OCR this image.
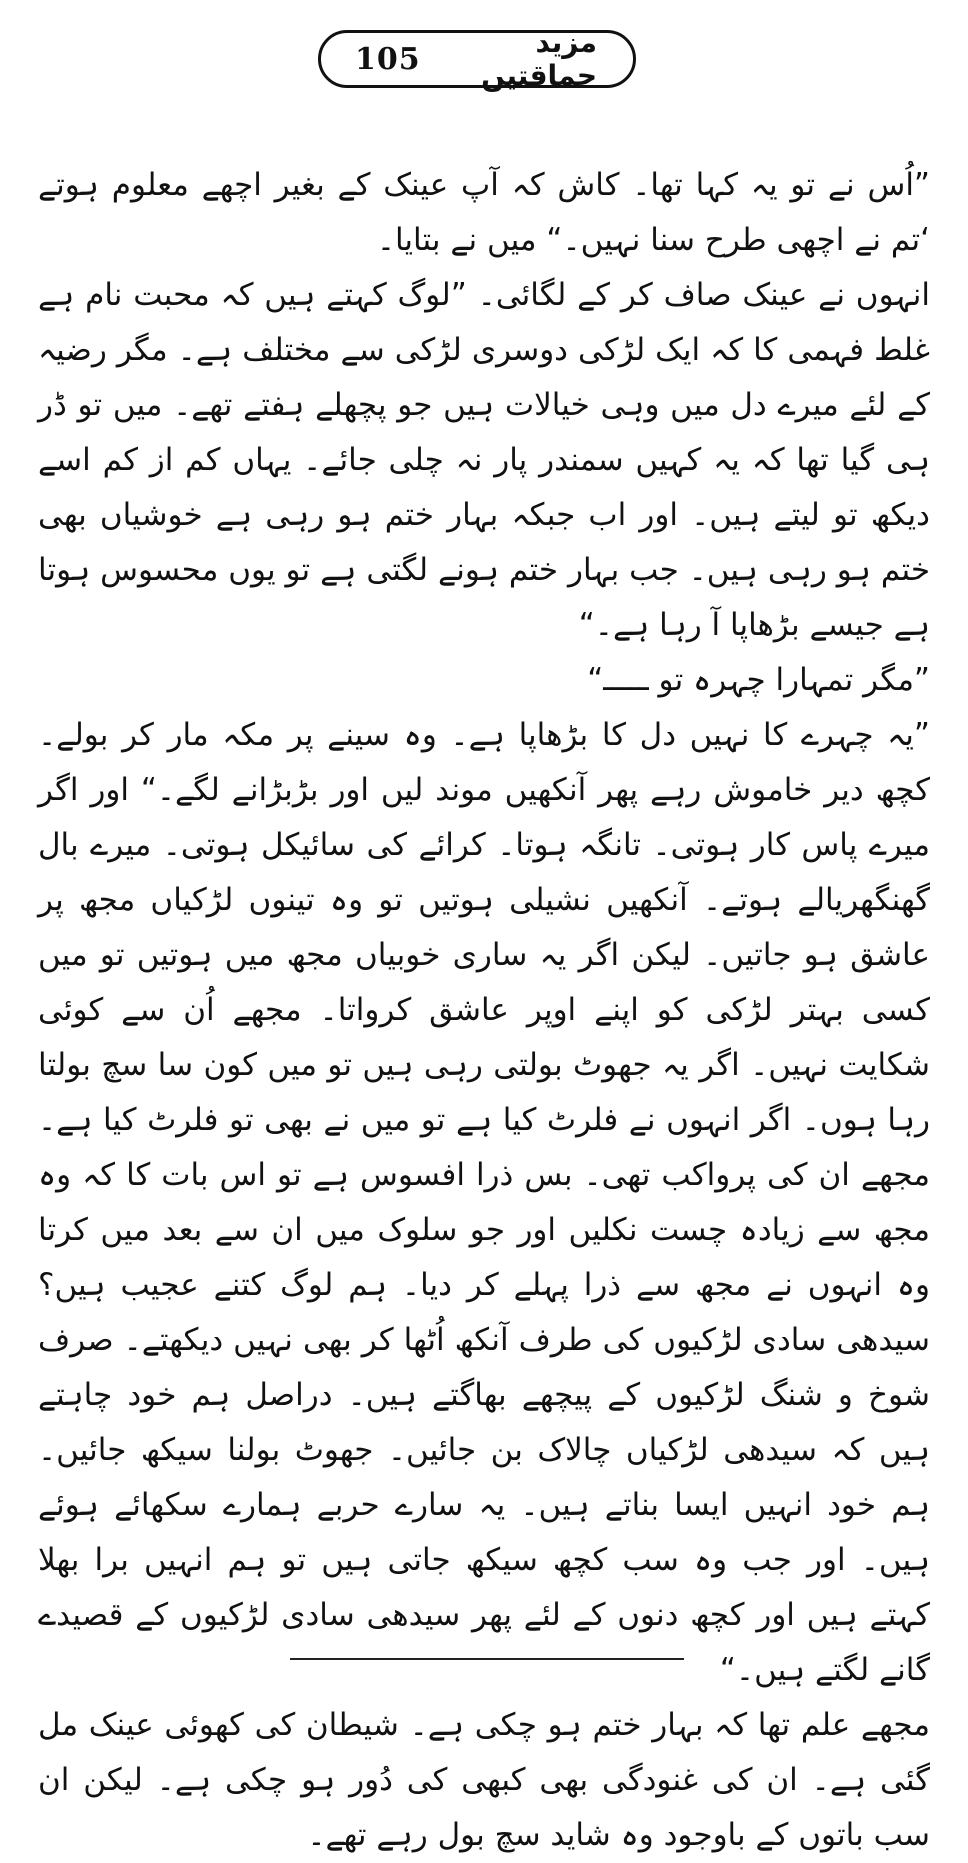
105	مزید حماقتیں

”اُس نے تو یہ کہا تھا۔ کاش کہ آپ عینک کے بغیر اچھے معلوم ہوتے ‘تم نے اچھی طرح سنا نہیں۔“ میں نے بتایا۔

انہوں نے عینک صاف کر کے لگائی۔ ”لوگ کہتے ہیں کہ محبت نام ہے غلط فہمی کا کہ ایک لڑکی دوسری لڑکی سے مختلف ہے۔ مگر رضیہ کے لئے میرے دل میں وہی خیالات ہیں جو پچھلے ہفتے تھے۔ میں تو ڈر ہی گیا تھا کہ یہ کہیں سمندر پار نہ چلی جائے۔ یہاں کم از کم اسے دیکھ تو لیتے ہیں۔ اور اب جبکہ بہار ختم ہو رہی ہے خوشیاں بھی ختم ہو رہی ہیں۔ جب بہار ختم ہونے لگتی ہے تو یوں محسوس ہوتا ہے جیسے بڑھاپا آ رہا ہے۔“

”مگر تمہارا چہرہ تو ـــــ“

”یہ چہرے کا نہیں دل کا بڑھاپا ہے۔ وہ سینے پر مکہ مار کر بولے۔ کچھ دیر خاموش رہے پھر آنکھیں موند لیں اور بڑبڑانے لگے۔“ اور اگر میرے پاس کار ہوتی۔ تانگہ ہوتا۔ کرائے کی سائیکل ہوتی۔ میرے بال گھنگھریالے ہوتے۔ آنکھیں نشیلی ہوتیں تو وہ تینوں لڑکیاں مجھ پر عاشق ہو جاتیں۔ لیکن اگر یہ ساری خوبیاں مجھ میں ہوتیں تو میں کسی بہتر لڑکی کو اپنے اوپر عاشق کرواتا۔ مجھے اُن سے کوئی شکایت نہیں۔ اگر یہ جھوٹ بولتی رہی ہیں تو میں کون سا سچ بولتا رہا ہوں۔ اگر انہوں نے فلرٹ کیا ہے تو میں نے بھی تو فلرٹ کیا ہے۔ مجھے ان کی پرواکب تھی۔ بس ذرا افسوس ہے تو اس بات کا کہ وہ مجھ سے زیادہ چست نکلیں اور جو سلوک میں ان سے بعد میں کرتا وہ انہوں نے مجھ سے ذرا پہلے کر دیا۔ ہم لوگ کتنے عجیب ہیں؟ سیدھی سادی لڑکیوں کی طرف آنکھ اُٹھا کر بھی نہیں دیکھتے۔ صرف شوخ و شنگ لڑکیوں کے پیچھے بھاگتے ہیں۔ دراصل ہم خود چاہتے ہیں کہ سیدھی لڑکیاں چالاک بن جائیں۔ جھوٹ بولنا سیکھ جائیں۔ ہم خود انہیں ایسا بناتے ہیں۔ یہ سارے حربے ہمارے سکھائے ہوئے ہیں۔ اور جب وہ سب کچھ سیکھ جاتی ہیں تو ہم انہیں برا بھلا کہتے ہیں اور کچھ دنوں کے لئے پھر سیدھی سادی لڑکیوں کے قصیدے گانے لگتے ہیں۔“

مجھے علم تھا کہ بہار ختم ہو چکی ہے۔ شیطان کی کھوئی عینک مل گئی ہے۔ ان کی غنودگی بھی کبھی کی دُور ہو چکی ہے۔ لیکن ان سب باتوں کے باوجود وہ شاید سچ بول رہے تھے۔
